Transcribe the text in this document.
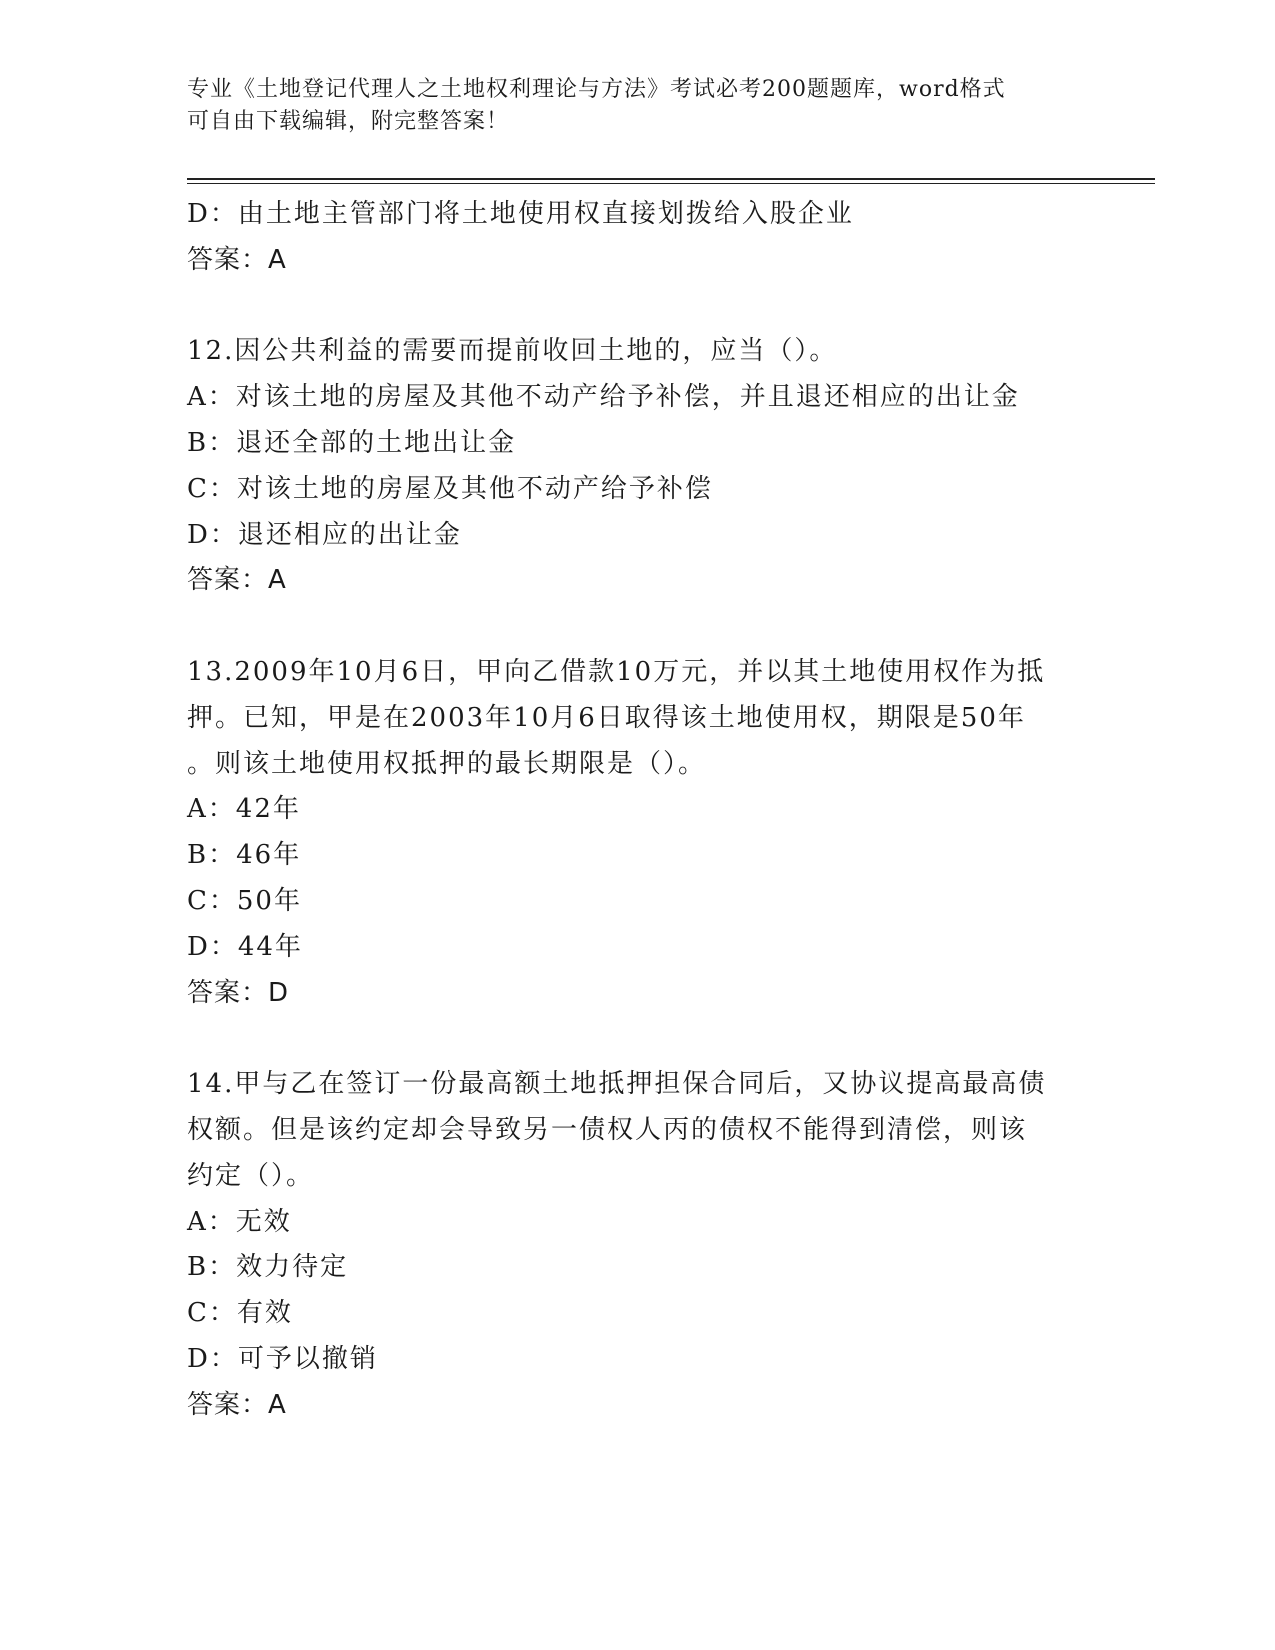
专业《土地登记代理人之土地权利理论与方法》考试必考200题题库，word格式
可自由下载编辑，附完整答案！
D：由土地主管部门将土地使用权直接划拨给入股企业
答案：A
12.因公共利益的需要而提前收回土地的，应当（）。
A：对该土地的房屋及其他不动产给予补偿，并且退还相应的出让金
B：退还全部的土地出让金
C：对该土地的房屋及其他不动产给予补偿
D：退还相应的出让金
答案：A
13.2009年10月6日，甲向乙借款10万元，并以其土地使用权作为抵
押。已知，甲是在2003年10月6日取得该土地使用权，期限是50年
。则该土地使用权抵押的最长期限是（）。
A：42年
B：46年
C：50年
D：44年
答案：D
14.甲与乙在签订一份最高额土地抵押担保合同后，又协议提高最高债
权额。但是该约定却会导致另一债权人丙的债权不能得到清偿，则该
约定（）。
A：无效
B：效力待定
C：有效
D：可予以撤销
答案：A
